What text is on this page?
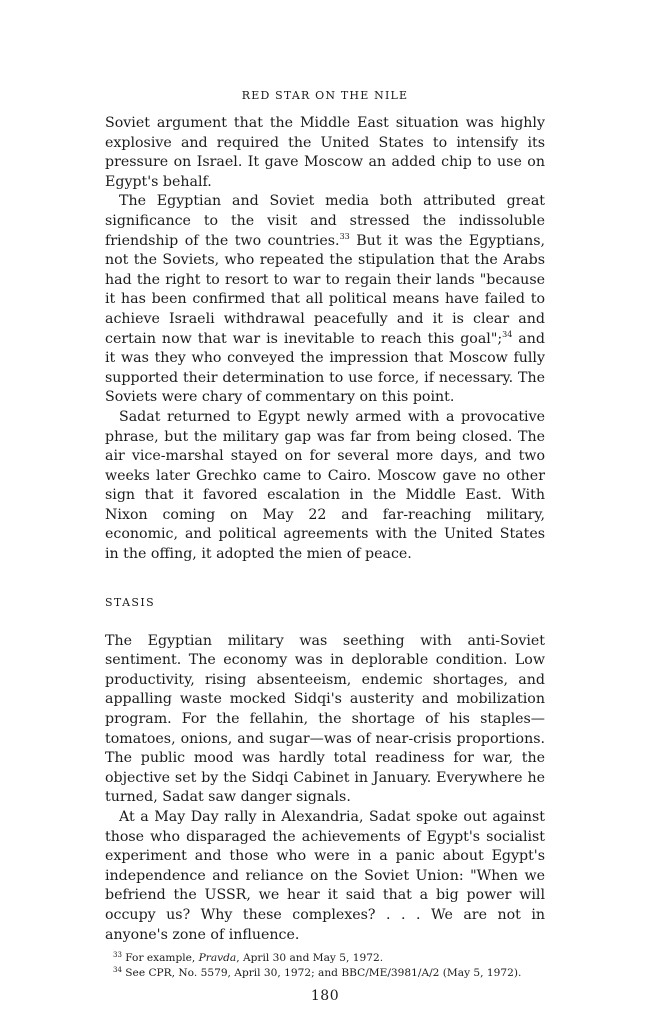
RED STAR ON THE NILE

Soviet argument that the Middle East situation was highly explosive and required the United States to intensify its pressure on Israel. It gave Moscow an added chip to use on Egypt's behalf.

The Egyptian and Soviet media both attributed great significance to the visit and stressed the indissoluble friendship of the two countries.$^{33}$ But it was the Egyptians, not the Soviets, who repeated the stipulation that the Arabs had the right to resort to war to regain their lands "because it has been confirmed that all political means have failed to achieve Israeli withdrawal peacefully and it is clear and certain now that war is inevitable to reach this goal";$^{34}$ and it was they who conveyed the impression that Moscow fully supported their determination to use force, if necessary. The Soviets were chary of commentary on this point.

Sadat returned to Egypt newly armed with a provocative phrase, but the military gap was far from being closed. The air vice-marshal stayed on for several more days, and two weeks later Grechko came to Cairo. Moscow gave no other sign that it favored escalation in the Middle East. With Nixon coming on May 22 and far-reaching military, economic, and political agreements with the United States in the offing, it adopted the mien of peace.

STASIS

The Egyptian military was seething with anti-Soviet sentiment. The economy was in deplorable condition. Low productivity, rising absenteeism, endemic shortages, and appalling waste mocked Sidqi's austerity and mobilization program. For the fellahin, the shortage of his staples—tomatoes, onions, and sugar—was of near-crisis proportions. The public mood was hardly total readiness for war, the objective set by the Sidqi Cabinet in January. Everywhere he turned, Sadat saw danger signals.

At a May Day rally in Alexandria, Sadat spoke out against those who disparaged the achievements of Egypt's socialist experiment and those who were in a panic about Egypt's independence and reliance on the Soviet Union: "When we befriend the USSR, we hear it said that a big power will occupy us? Why these complexes? . . . We are not in anyone's zone of influence.

$^{33}$ For example, Pravda, April 30 and May 5, 1972.

$^{34}$ See CPR, No. 5579, April 30, 1972; and BBC/ME/3981/A/2 (May 5, 1972).

180
